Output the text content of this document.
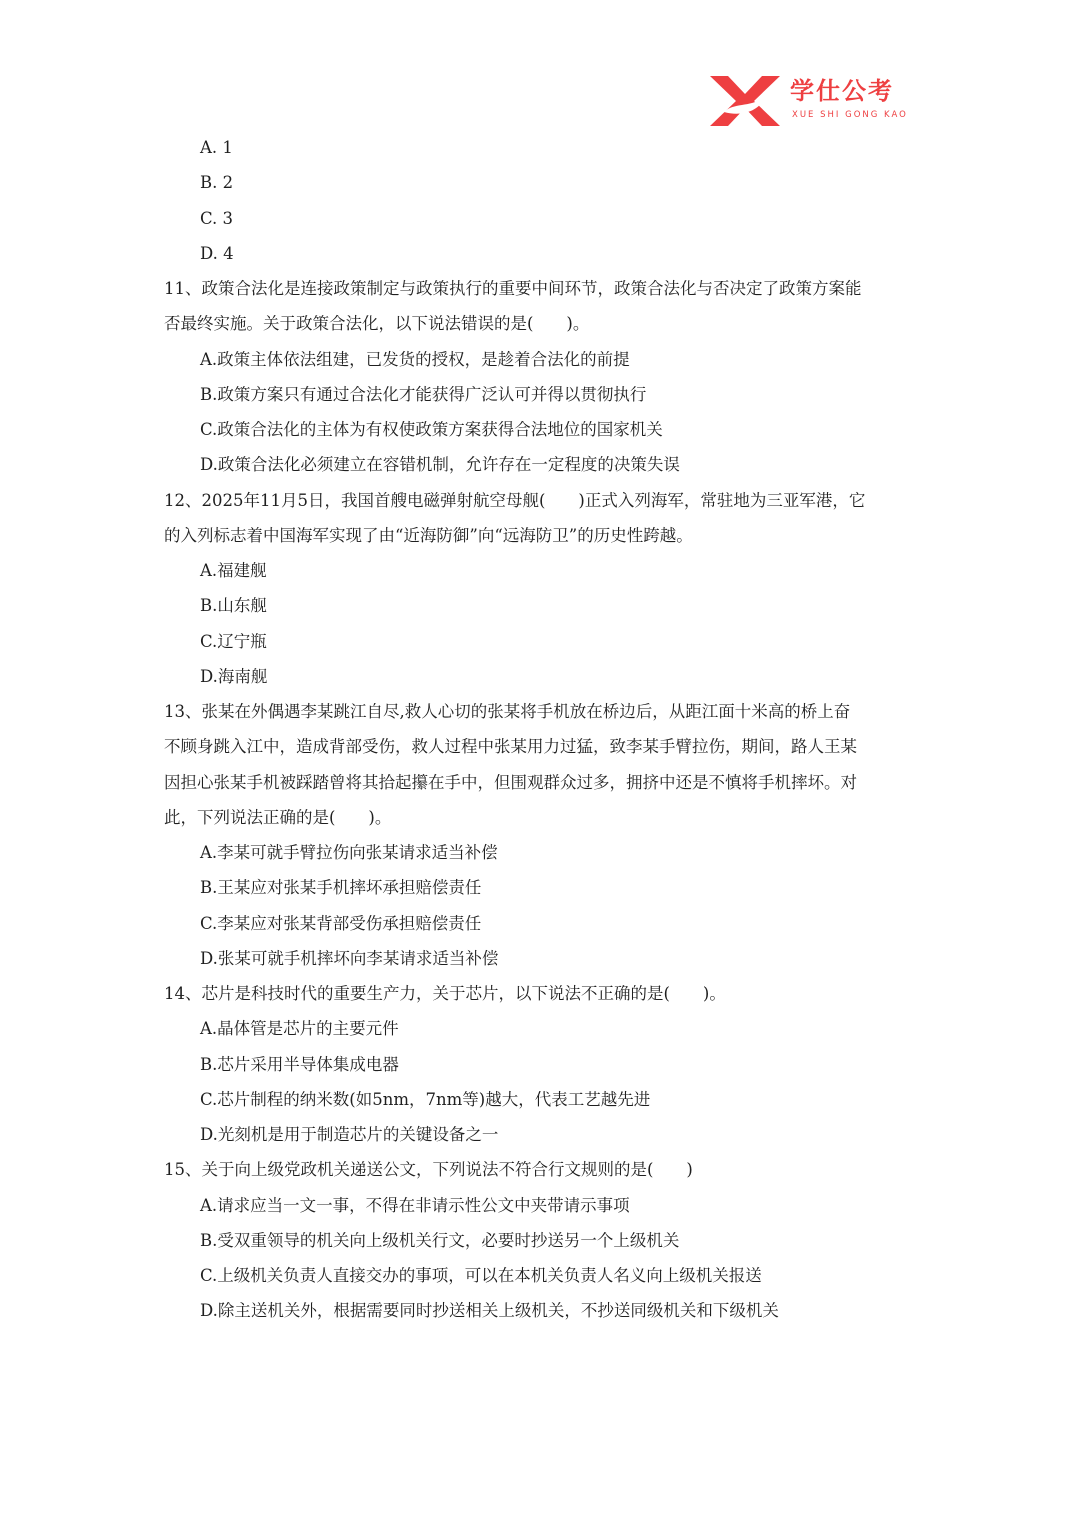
学仕公考
XUE SHI GONG KAO
A. 1
B. 2
C. 3
D. 4
11、政策合法化是连接政策制定与政策执行的重要中间环节，政策合法化与否决定了政策方案能
否最终实施。关于政策合法化，以下说法错误的是(　　)。
A.政策主体依法组建，已发货的授权，是趁着合法化的前提
B.政策方案只有通过合法化才能获得广泛认可并得以贯彻执行
C.政策合法化的主体为有权使政策方案获得合法地位的国家机关
D.政策合法化必须建立在容错机制，允许存在一定程度的决策失误
12、2025年11月5日，我国首艘电磁弹射航空母舰(　　)正式入列海军，常驻地为三亚军港，它
的入列标志着中国海军实现了由“近海防御”向“远海防卫”的历史性跨越。
A.福建舰
B.山东舰
C.辽宁瓶
D.海南舰
13、张某在外偶遇李某跳江自尽,救人心切的张某将手机放在桥边后，从距江面十米高的桥上奋
不顾身跳入江中，造成背部受伤，救人过程中张某用力过猛，致李某手臂拉伤，期间，路人王某
因担心张某手机被踩踏曾将其拾起攥在手中，但围观群众过多，拥挤中还是不慎将手机摔坏。对
此，下列说法正确的是(　　)。
A.李某可就手臂拉伤向张某请求适当补偿
B.王某应对张某手机摔坏承担赔偿责任
C.李某应对张某背部受伤承担赔偿责任
D.张某可就手机摔坏向李某请求适当补偿
14、芯片是科技时代的重要生产力，关于芯片，以下说法不正确的是(　　)。
A.晶体管是芯片的主要元件
B.芯片采用半导体集成电器
C.芯片制程的纳米数(如5nm，7nm等)越大，代表工艺越先进
D.光刻机是用于制造芯片的关键设备之一
15、关于向上级党政机关递送公文，下列说法不符合行文规则的是(　　)
A.请求应当一文一事，不得在非请示性公文中夹带请示事项
B.受双重领导的机关向上级机关行文，必要时抄送另一个上级机关
C.上级机关负责人直接交办的事项，可以在本机关负责人名义向上级机关报送
D.除主送机关外，根据需要同时抄送相关上级机关，不抄送同级机关和下级机关
